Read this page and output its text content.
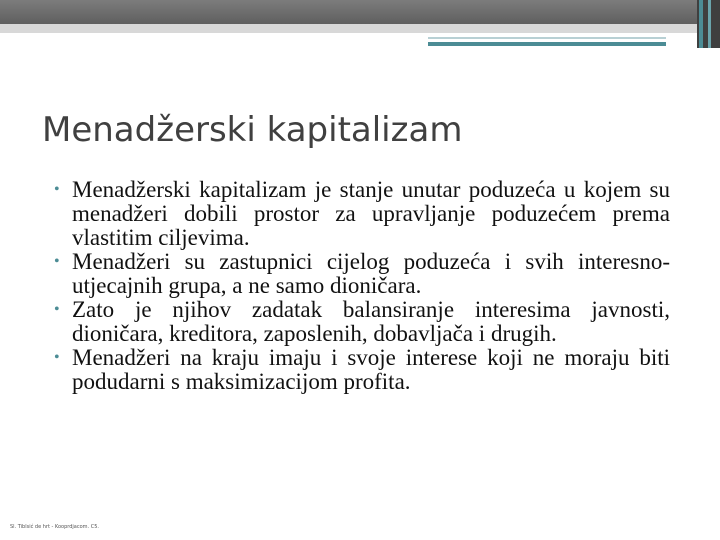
Menadžerski kapitalizam
• Menadžerski kapitalizam je stanje unutar poduzeća u kojem su menadžeri dobili prostor za upravljanje poduzećem prema vlastitim ciljevima.
• Menadžeri su zastupnici cijelog poduzeća i svih interesno-utjecajnih grupa, a ne samo dioničara.
• Zato je njihov zadatak balansiranje interesima javnosti, dioničara, kreditora, zaposlenih, dobavljača i drugih.
• Menadžeri na kraju imaju i svoje interese koji ne moraju biti podudarni s maksimizacijom profita.
Sl. Tiblsić de hrt - Kooprdjacom. C5.
